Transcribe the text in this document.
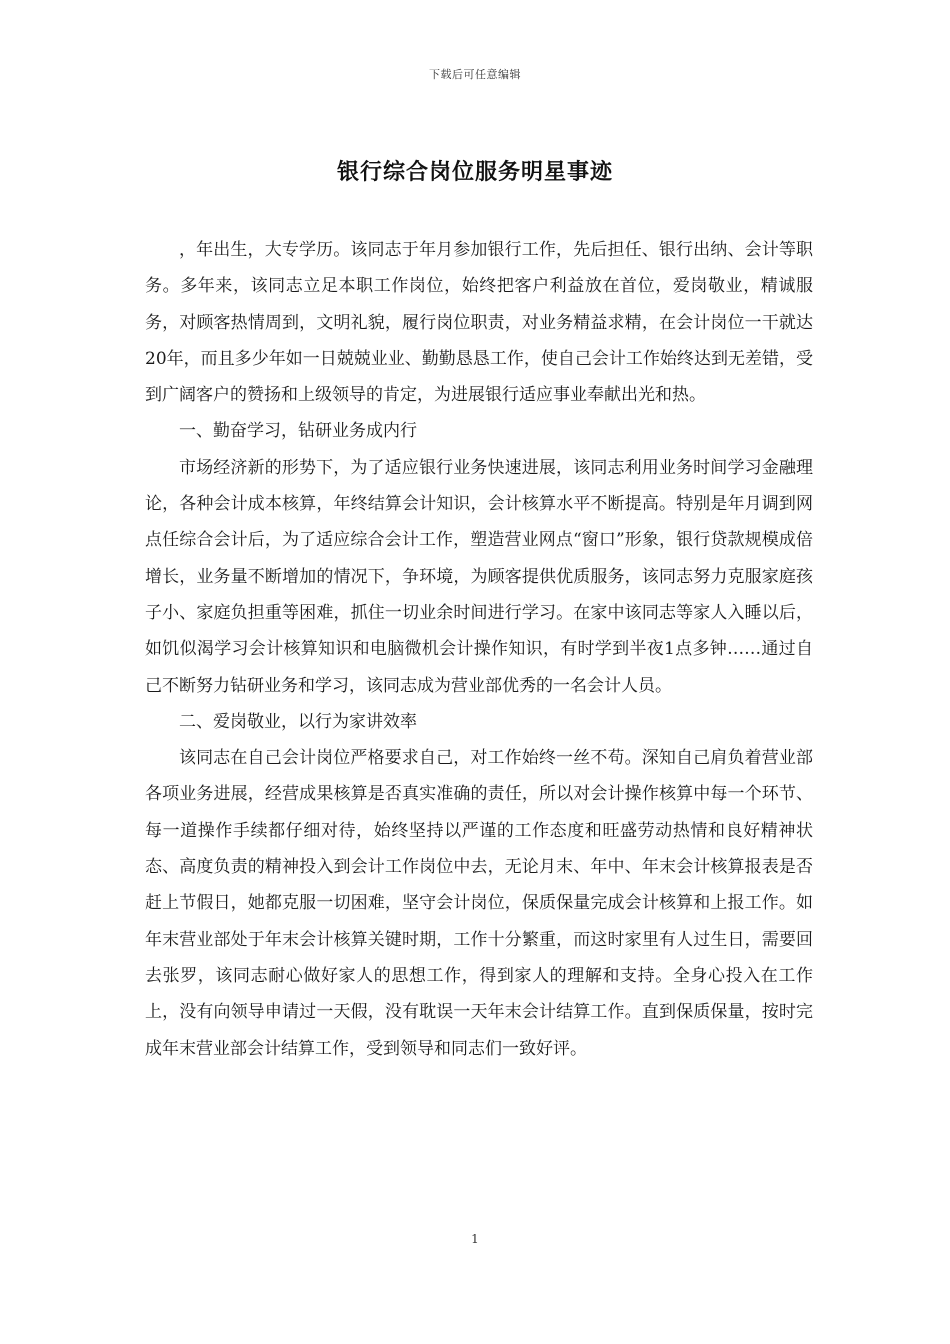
下载后可任意编辑
银行综合岗位服务明星事迹

，年出生，大专学历。该同志于年月参加银行工作，先后担任、银行出纳、会计等职务。多年来，该同志立足本职工作岗位，始终把客户利益放在首位，爱岗敬业，精诚服务，对顾客热情周到，文明礼貌，履行岗位职责，对业务精益求精，在会计岗位一干就达20年，而且多少年如一日兢兢业业、勤勤恳恳工作，使自己会计工作始终达到无差错，受到广阔客户的赞扬和上级领导的肯定，为进展银行适应事业奉献出光和热。

一、勤奋学习，钻研业务成内行

市场经济新的形势下，为了适应银行业务快速进展，该同志利用业务时间学习金融理论，各种会计成本核算，年终结算会计知识，会计核算水平不断提高。特别是年月调到网点任综合会计后，为了适应综合会计工作，塑造营业网点“窗口”形象，银行贷款规模成倍增长，业务量不断增加的情况下，争环境，为顾客提供优质服务，该同志努力克服家庭孩子小、家庭负担重等困难，抓住一切业余时间进行学习。在家中该同志等家人入睡以后，如饥似渴学习会计核算知识和电脑微机会计操作知识，有时学到半夜1点多钟……通过自己不断努力钻研业务和学习，该同志成为营业部优秀的一名会计人员。

二、爱岗敬业，以行为家讲效率

该同志在自己会计岗位严格要求自己，对工作始终一丝不苟。深知自己肩负着营业部各项业务进展，经营成果核算是否真实准确的责任，所以对会计操作核算中每一个环节、每一道操作手续都仔细对待，始终坚持以严谨的工作态度和旺盛劳动热情和良好精神状态、高度负责的精神投入到会计工作岗位中去，无论月末、年中、年末会计核算报表是否赶上节假日，她都克服一切困难，坚守会计岗位，保质保量完成会计核算和上报工作。如年末营业部处于年末会计核算关键时期，工作十分繁重，而这时家里有人过生日，需要回去张罗，该同志耐心做好家人的思想工作，得到家人的理解和支持。全身心投入在工作上，没有向领导申请过一天假，没有耽误一天年末会计结算工作。直到保质保量，按时完成年末营业部会计结算工作，受到领导和同志们一致好评。

1
